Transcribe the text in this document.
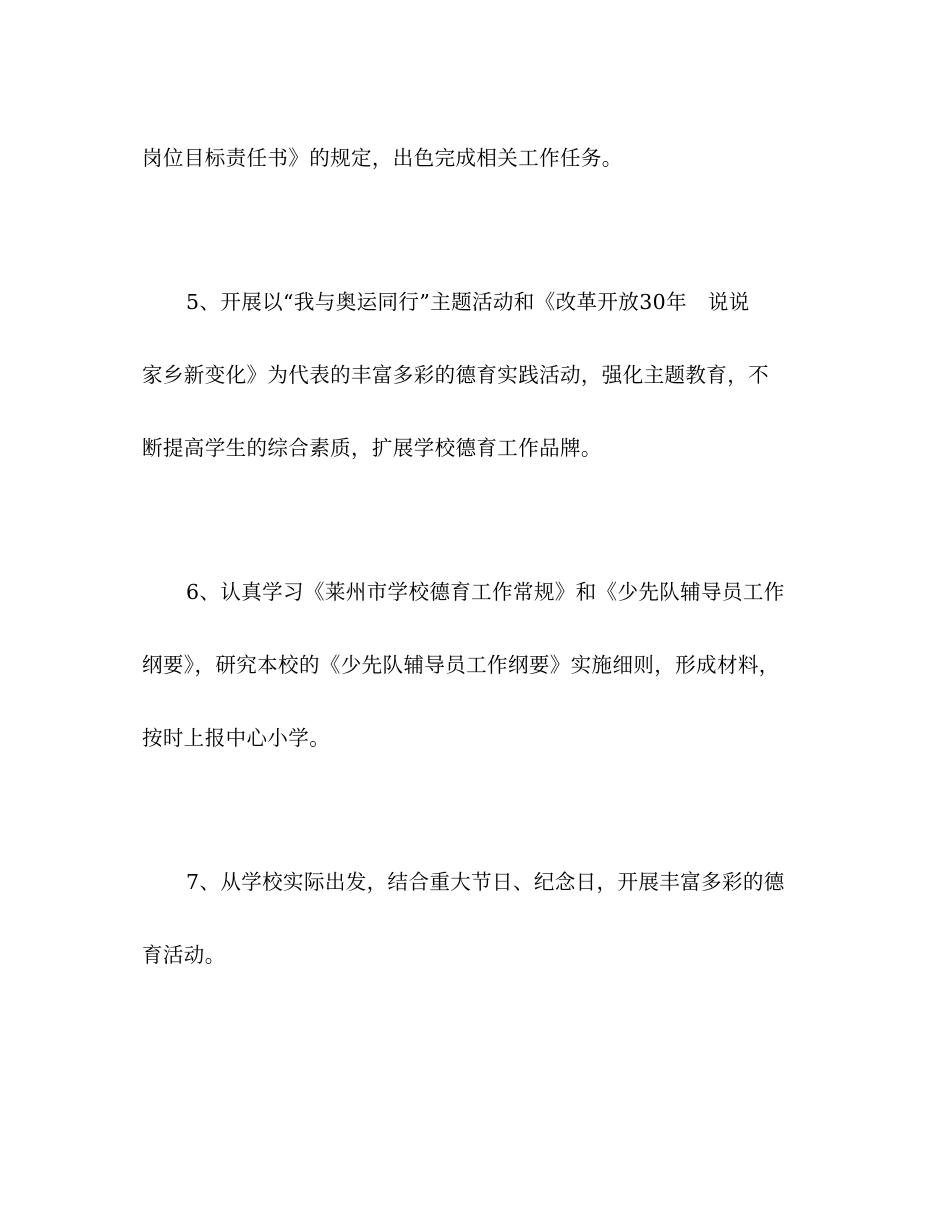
岗位目标责任书》的规定，出色完成相关工作任务。
5、开展以“我与奥运同行”主题活动和《改革开放30年　说说
家乡新变化》为代表的丰富多彩的德育实践活动，强化主题教育，不
断提高学生的综合素质，扩展学校德育工作品牌。
6、认真学习《莱州市学校德育工作常规》和《少先队辅导员工作
纲要》，研究本校的《少先队辅导员工作纲要》实施细则，形成材料，
按时上报中心小学。
7、从学校实际出发，结合重大节日、纪念日，开展丰富多彩的德
育活动。
